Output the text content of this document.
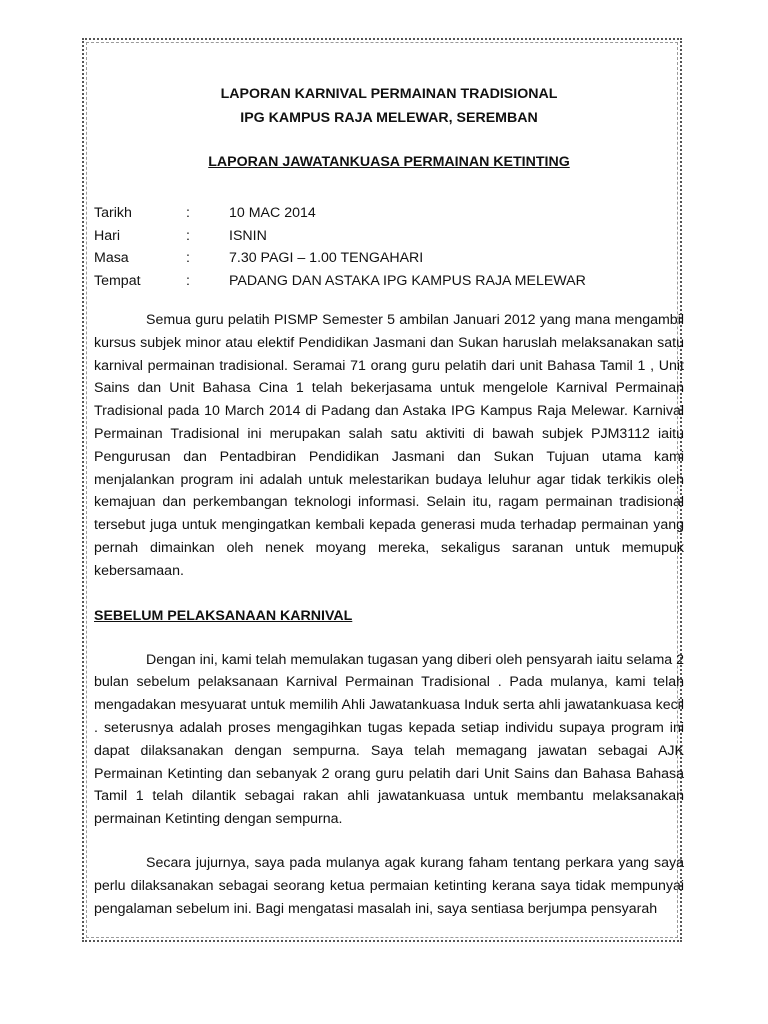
LAPORAN KARNIVAL PERMAINAN TRADISIONAL

IPG KAMPUS RAJA MELEWAR, SEREMBAN

LAPORAN JAWATANKUASA PERMAINAN KETINTING

Tarikh	:	10 MAC 2014
Hari	:	ISNIN
Masa	:	7.30 PAGI – 1.00 TENGAHARI
Tempat	:	PADANG DAN ASTAKA IPG KAMPUS RAJA MELEWAR

Semua guru pelatih PISMP Semester 5 ambilan Januari 2012 yang mana mengambil kursus subjek minor atau elektif Pendidikan Jasmani dan Sukan haruslah melaksanakan satu karnival permainan tradisional. Seramai 71 orang guru pelatih dari unit Bahasa Tamil 1 , Unit Sains dan Unit Bahasa Cina 1 telah bekerjasama untuk mengelole Karnival Permainan Tradisional pada 10 March 2014 di Padang dan Astaka IPG Kampus Raja Melewar. Karnival Permainan Tradisional ini merupakan salah satu aktiviti di bawah subjek PJM3112 iaitu Pengurusan dan Pentadbiran Pendidikan Jasmani dan Sukan Tujuan utama kami menjalankan program ini adalah untuk melestarikan budaya leluhur agar tidak terkikis oleh kemajuan dan perkembangan teknologi informasi. Selain itu, ragam permainan tradisional tersebut juga untuk mengingatkan kembali kepada generasi muda terhadap permainan yang pernah dimainkan oleh nenek moyang mereka, sekaligus saranan untuk memupuk kebersamaan.

SEBELUM PELAKSANAAN KARNIVAL

Dengan ini, kami telah memulakan tugasan yang diberi oleh pensyarah iaitu selama 2 bulan sebelum pelaksanaan Karnival Permainan Tradisional . Pada mulanya, kami telah mengadakan mesyuarat untuk memilih Ahli Jawatankuasa Induk serta ahli jawatankuasa kecil . seterusnya adalah proses mengagihkan tugas kepada setiap individu supaya program ini dapat dilaksanakan dengan sempurna. Saya telah memagang jawatan sebagai AJK Permainan Ketinting dan sebanyak 2 orang guru pelatih dari Unit Sains dan Bahasa Bahasa Tamil 1 telah dilantik sebagai rakan ahli jawatankuasa untuk membantu melaksanakan permainan Ketinting dengan sempurna.

Secara jujurnya, saya pada mulanya agak kurang faham tentang perkara yang saya perlu dilaksanakan sebagai seorang ketua permaian ketinting kerana saya tidak mempunyai pengalaman sebelum ini. Bagi mengatasi masalah ini, saya sentiasa berjumpa pensyarah
